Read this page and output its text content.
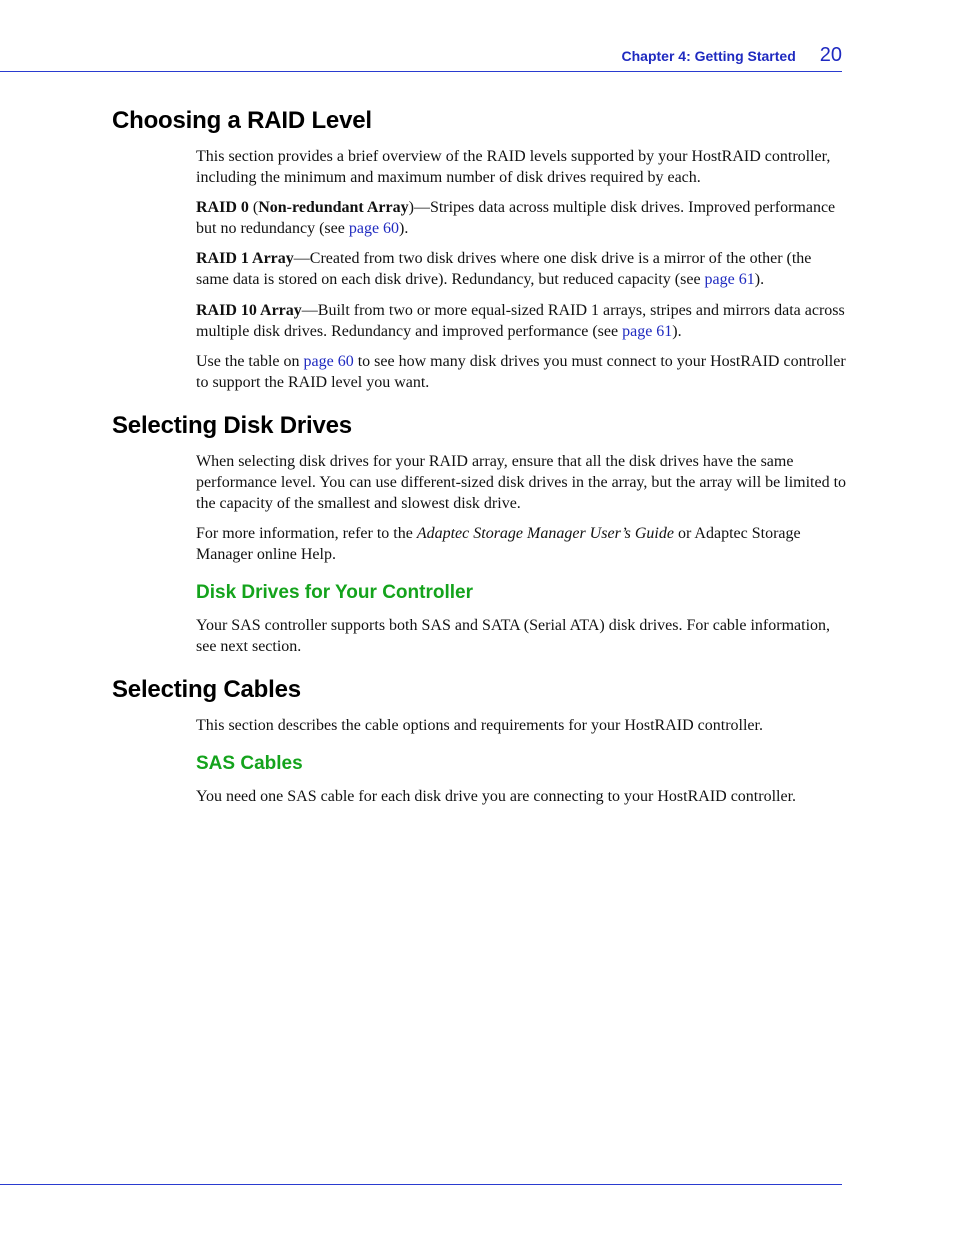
Chapter 4: Getting Started 20
Choosing a RAID Level

This section provides a brief overview of the RAID levels supported by your HostRAID controller, including the minimum and maximum number of disk drives required by each.

RAID 0 (Non-redundant Array)—Stripes data across multiple disk drives. Improved performance but no redundancy (see page 60).

RAID 1 Array—Created from two disk drives where one disk drive is a mirror of the other (the same data is stored on each disk drive). Redundancy, but reduced capacity (see page 61).

RAID 10 Array—Built from two or more equal-sized RAID 1 arrays, stripes and mirrors data across multiple disk drives. Redundancy and improved performance (see page 61).

Use the table on page 60 to see how many disk drives you must connect to your HostRAID controller to support the RAID level you want.

Selecting Disk Drives

When selecting disk drives for your RAID array, ensure that all the disk drives have the same performance level. You can use different-sized disk drives in the array, but the array will be limited to the capacity of the smallest and slowest disk drive.

For more information, refer to the Adaptec Storage Manager User’s Guide or Adaptec Storage Manager online Help.

Disk Drives for Your Controller

Your SAS controller supports both SAS and SATA (Serial ATA) disk drives. For cable information, see next section.

Selecting Cables

This section describes the cable options and requirements for your HostRAID controller.

SAS Cables

You need one SAS cable for each disk drive you are connecting to your HostRAID controller.
